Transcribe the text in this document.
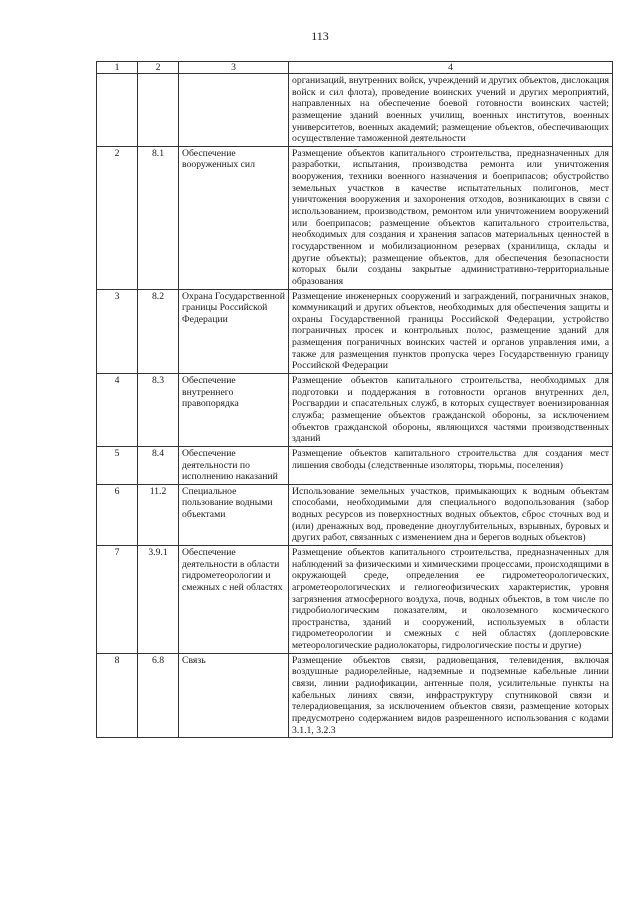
113
1	2	3	4
			организаций, внутренних войск, учреждений и других объектов, дислокация войск и сил флота), проведение воинских учений и других мероприятий, направленных на обеспечение боевой готовности воинских частей; размещение зданий военных училищ, военных институтов, военных университетов, военных академий; размещение объектов, обеспечивающих осуществление таможенной деятельности
2	8.1	Обеспечение вооруженных сил	Размещение объектов капитального строительства, предназначенных для разработки, испытания, производства ремонта или уничтожения вооружения, техники военного назначения и боеприпасов; обустройство земельных участков в качестве испытательных полигонов, мест уничтожения вооружения и захоронения отходов, возникающих в связи с использованием, производством, ремонтом или уничтожением вооружений или боеприпасов; размещение объектов капитального строительства, необходимых для создания и хранения запасов материальных ценностей в государственном и мобилизационном резервах (хранилища, склады и другие объекты); размещение объектов, для обеспечения безопасности которых были созданы закрытые административно-территориальные образования
3	8.2	Охрана Государственной границы Российской Федерации	Размещение инженерных сооружений и заграждений, пограничных знаков, коммуникаций и других объектов, необходимых для обеспечения защиты и охраны Государственной границы Российской Федерации, устройство пограничных просек и контрольных полос, размещение зданий для размещения пограничных воинских частей и органов управления ими, а также для размещения пунктов пропуска через Государственную границу Российской Федерации
4	8.3	Обеспечение внутреннего правопорядка	Размещение объектов капитального строительства, необходимых для подготовки и поддержания в готовности органов внутренних дел, Росгвардии и спасательных служб, в которых существует военизированная служба; размещение объектов гражданской обороны, за исключением объектов гражданской обороны, являющихся частями производственных зданий
5	8.4	Обеспечение деятельности по исполнению наказаний	Размещение объектов капитального строительства для создания мест лишения свободы (следственные изоляторы, тюрьмы, поселения)
6	11.2	Специальное пользование водными объектами	Использование земельных участков, примыкающих к водным объектам способами, необходимыми для специального водопользования (забор водных ресурсов из поверхностных водных объектов, сброс сточных вод и (или) дренажных вод, проведение дноуглубительных, взрывных, буровых и других работ, связанных с изменением дна и берегов водных объектов)
7	3.9.1	Обеспечение деятельности в области гидрометеорологии и смежных с ней областях	Размещение объектов капитального строительства, предназначенных для наблюдений за физическими и химическими процессами, происходящими в окружающей среде, определения ее гидрометеорологических, агрометеорологических и гелиогеофизических характеристик, уровня загрязнения атмосферного воздуха, почв, водных объектов, в том числе по гидробиологическим показателям, и околоземного космического пространства, зданий и сооружений, используемых в области гидрометеорологии и смежных с ней областях (доплеровские метеорологические радиолокаторы, гидрологические посты и другие)
8	6.8	Связь	Размещение объектов связи, радиовещания, телевидения, включая воздушные радиорелейные, надземные и подземные кабельные линии связи, линии радиофикации, антенные поля, усилительные пункты на кабельных линиях связи, инфраструктуру спутниковой связи и телерадиовещания, за исключением объектов связи, размещение которых предусмотрено содержанием видов разрешенного использования с кодами 3.1.1, 3.2.3
